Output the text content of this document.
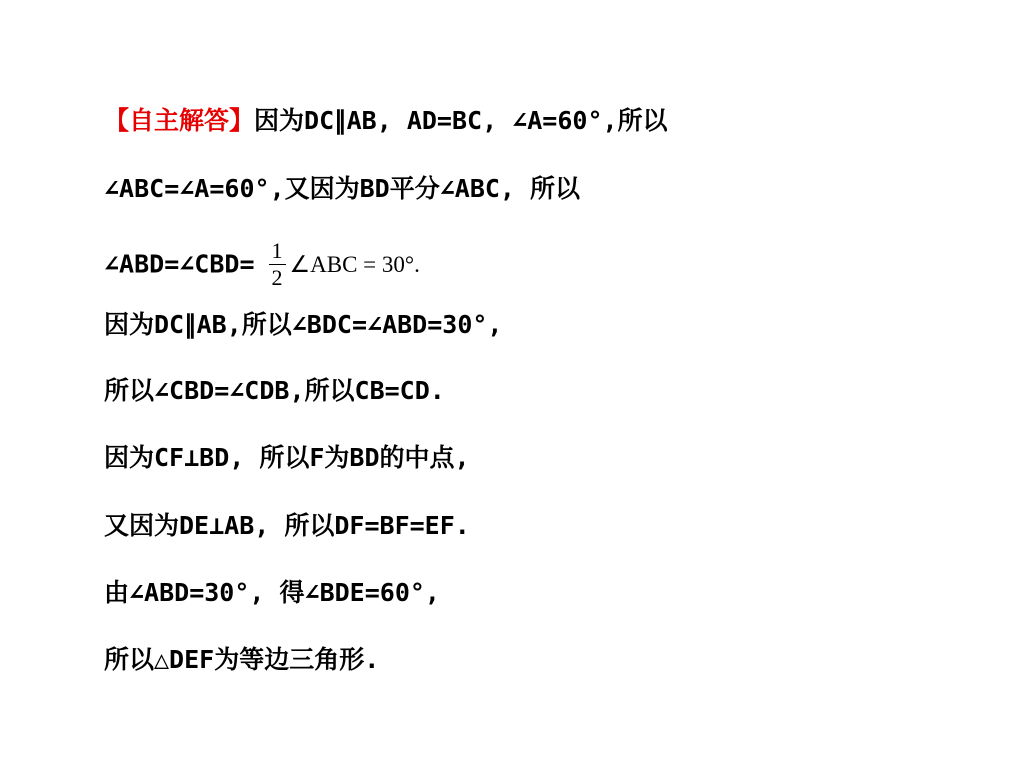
【自主解答】因为DC∥AB, AD=BC, ∠A=60°,所以
∠ABC=∠A=60°,又因为BD平分∠ABC, 所以
∠ABD=∠CBD= $\frac{1}{2}$ ∠ABC = 30°.
因为DC∥AB,所以∠BDC=∠ABD=30°,
所以∠CBD=∠CDB,所以CB=CD.
因为CF⊥BD, 所以F为BD的中点,
又因为DE⊥AB, 所以DF=BF=EF.
由∠ABD=30°, 得∠BDE=60°,
所以△DEF为等边三角形.
